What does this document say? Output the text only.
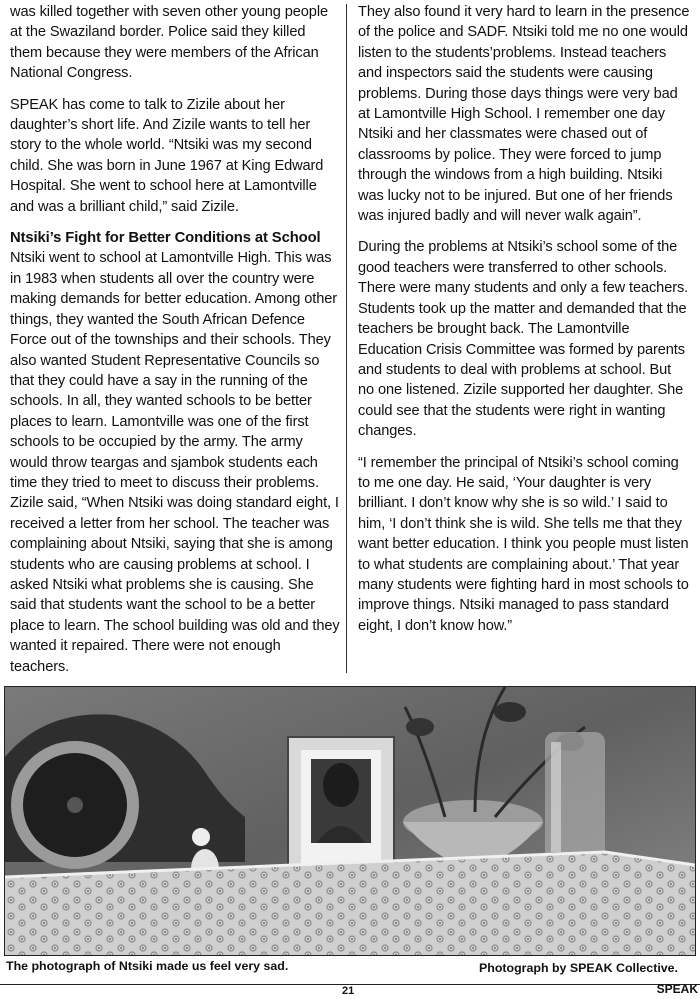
was killed together with seven other young people at the Swaziland border. Police said they killed them because they were members of the African National Congress.

SPEAK has come to talk to Zizile about her daughter’s short life. And Zizile wants to tell her story to the whole world. “Ntsiki was my second child. She was born in June 1967 at King Edward Hospital. She went to school here at Lamontville and was a brilliant child,” said Zizile.

Ntsiki’s Fight for Better Conditions at School

Ntsiki went to school at Lamontville High. This was in 1983 when students all over the country were making demands for better education. Among other things, they wanted the South African Defence Force out of the townships and their schools. They also wanted Student Representative Councils so that they could have a say in the running of the schools. In all, they wanted schools to be better places to learn. Lamontville was one of the first schools to be occupied by the army. The army would throw teargas and sjambok students each time they tried to meet to discuss their problems. Zizile said, “When Ntsiki was doing standard eight, I received a letter from her school. The teacher was complaining about Ntsiki, saying that she is among students who are causing problems at school. I asked Ntsiki what problems she is causing. She said that students want the school to be a better place to learn. The school building was old and they wanted it repaired. There were not enough teachers.

They also found it very hard to learn in the presence of the police and SADF. Ntsiki told me no one would listen to the students’problems. Instead teachers and inspectors said the students were causing problems. During those days things were very bad at Lamontville High School. I remember one day Ntsiki and her classmates were chased out of classrooms by police. They were forced to jump through the windows from a high building. Ntsiki was lucky not to be injured. But one of her friends was injured badly and will never walk again”.

During the problems at Ntsiki’s school some of the good teachers were transferred to other schools. There were many students and only a few teachers. Students took up the matter and demanded that the teachers be brought back. The Lamontville Education Crisis Committee was formed by parents and students to deal with problems at school. But no one listened. Zizile supported her daughter. She could see that the students were right in wanting changes.

“I remember the principal of Ntsiki’s school coming to me one day. He said, ‘Your daughter is very brilliant. I don’t know why she is so wild.’ I said to him, ‘I don’t think she is wild. She tells me that they want better education. I think you people must listen to what students are complaining about.’ That year many students were fighting hard in most schools to improve things. Ntsiki managed to pass standard eight, I don’t know how.”

The photograph of Ntsiki made us feel very sad.	Photograph by SPEAK Collective.
21	SPEAK
